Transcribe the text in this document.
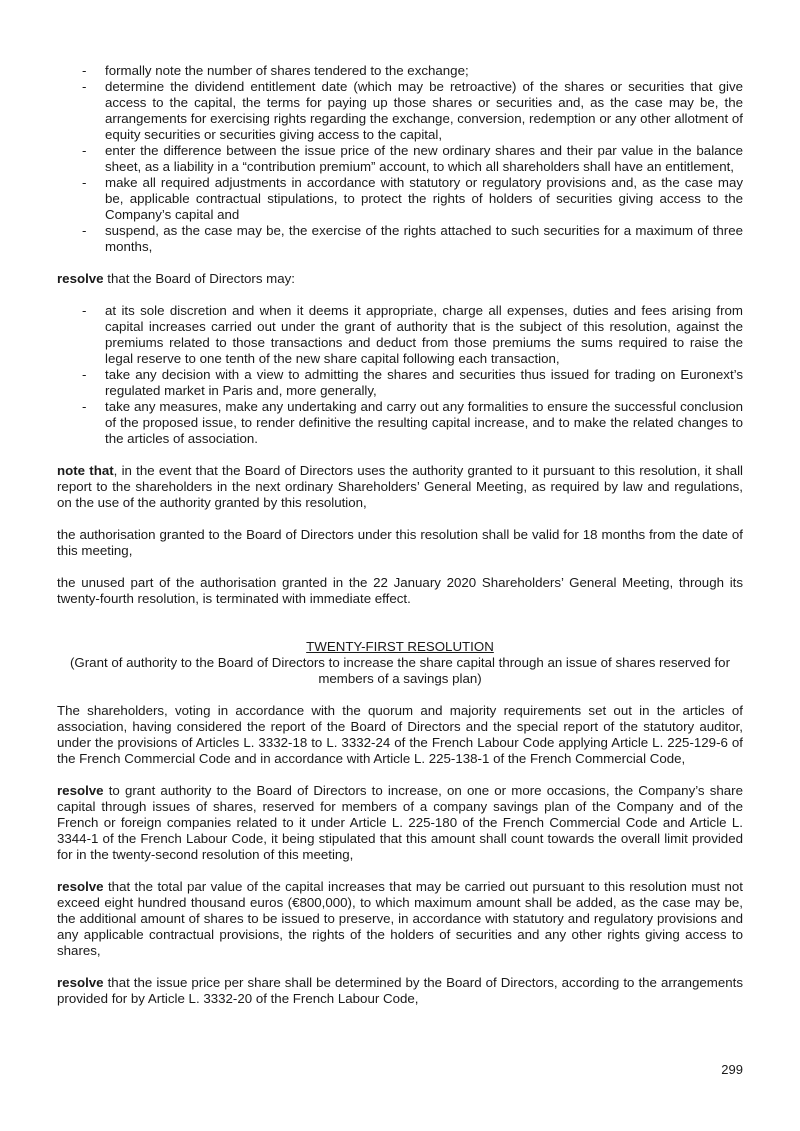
- formally note the number of shares tendered to the exchange;
- determine the dividend entitlement date (which may be retroactive) of the shares or securities that give access to the capital, the terms for paying up those shares or securities and, as the case may be, the arrangements for exercising rights regarding the exchange, conversion, redemption or any other allotment of equity securities or securities giving access to the capital,
- enter the difference between the issue price of the new ordinary shares and their par value in the balance sheet, as a liability in a “contribution premium” account, to which all shareholders shall have an entitlement,
- make all required adjustments in accordance with statutory or regulatory provisions and, as the case may be, applicable contractual stipulations, to protect the rights of holders of securities giving access to the Company’s capital and
- suspend, as the case may be, the exercise of the rights attached to such securities for a maximum of three months,

resolve that the Board of Directors may:

- at its sole discretion and when it deems it appropriate, charge all expenses, duties and fees arising from capital increases carried out under the grant of authority that is the subject of this resolution, against the premiums related to those transactions and deduct from those premiums the sums required to raise the legal reserve to one tenth of the new share capital following each transaction,
- take any decision with a view to admitting the shares and securities thus issued for trading on Euronext’s regulated market in Paris and, more generally,
- take any measures, make any undertaking and carry out any formalities to ensure the successful conclusion of the proposed issue, to render definitive the resulting capital increase, and to make the related changes to the articles of association.

note that, in the event that the Board of Directors uses the authority granted to it pursuant to this resolution, it shall report to the shareholders in the next ordinary Shareholders’ General Meeting, as required by law and regulations, on the use of the authority granted by this resolution,

the authorisation granted to the Board of Directors under this resolution shall be valid for 18 months from the date of this meeting,

the unused part of the authorisation granted in the 22 January 2020 Shareholders’ General Meeting, through its twenty-fourth resolution, is terminated with immediate effect.

TWENTY-FIRST RESOLUTION

(Grant of authority to the Board of Directors to increase the share capital through an issue of shares reserved for members of a savings plan)

The shareholders, voting in accordance with the quorum and majority requirements set out in the articles of association, having considered the report of the Board of Directors and the special report of the statutory auditor, under the provisions of Articles L. 3332-18 to L. 3332-24 of the French Labour Code applying Article L. 225-129-6 of the French Commercial Code and in accordance with Article L. 225-138-1 of the French Commercial Code,

resolve to grant authority to the Board of Directors to increase, on one or more occasions, the Company’s share capital through issues of shares, reserved for members of a company savings plan of the Company and of the French or foreign companies related to it under Article L. 225-180 of the French Commercial Code and Article L. 3344-1 of the French Labour Code, it being stipulated that this amount shall count towards the overall limit provided for in the twenty-second resolution of this meeting,

resolve that the total par value of the capital increases that may be carried out pursuant to this resolution must not exceed eight hundred thousand euros (€800,000), to which maximum amount shall be added, as the case may be, the additional amount of shares to be issued to preserve, in accordance with statutory and regulatory provisions and any applicable contractual provisions, the rights of the holders of securities and any other rights giving access to shares,

resolve that the issue price per share shall be determined by the Board of Directors, according to the arrangements provided for by Article L. 3332-20 of the French Labour Code,

299
